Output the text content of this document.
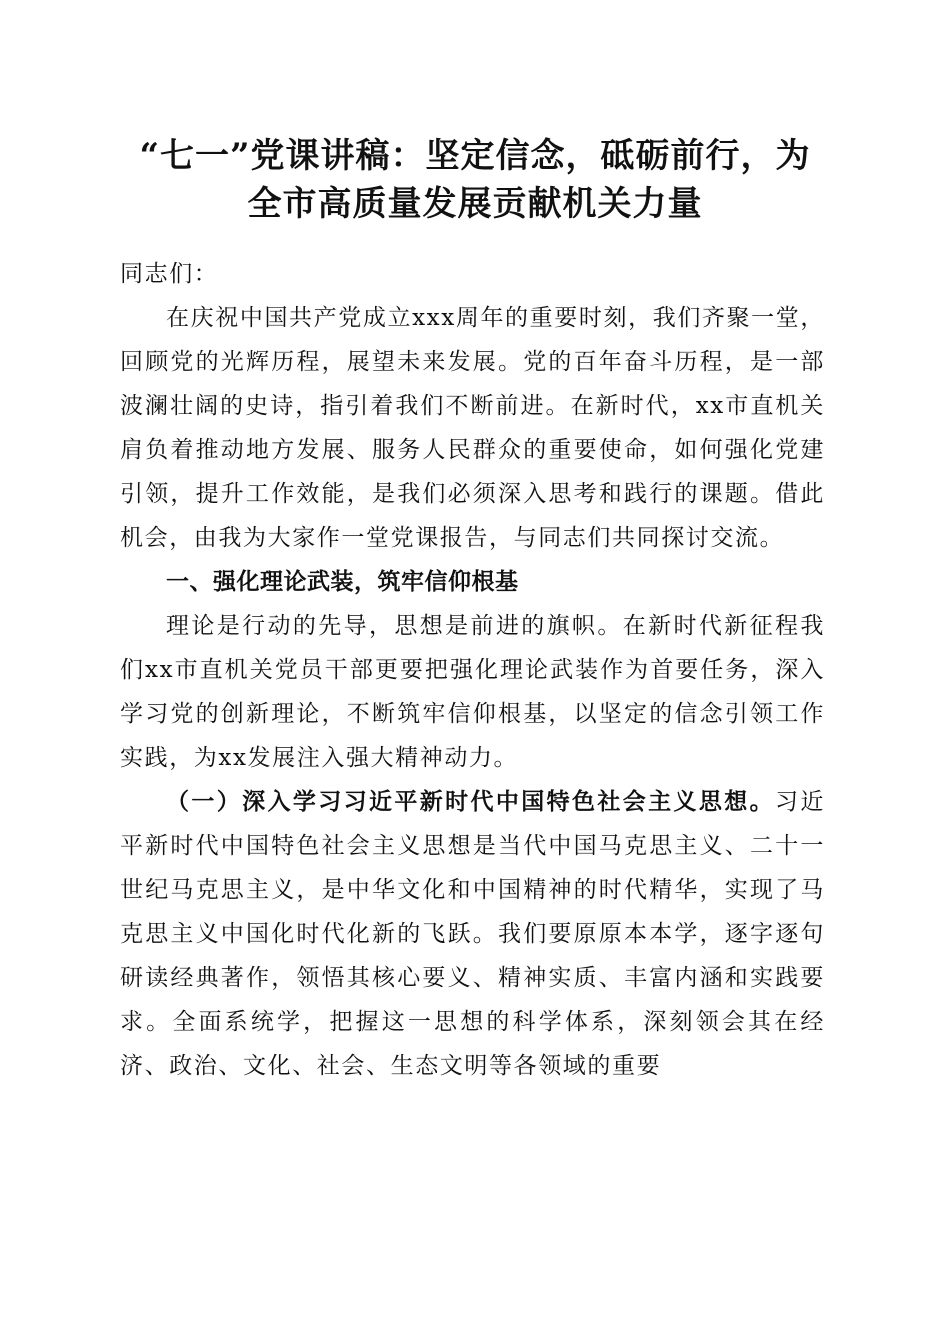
“七一”党课讲稿：坚定信念，砥砺前行，为
全市高质量发展贡献机关力量

同志们：

在庆祝中国共产党成立xxx周年的重要时刻，我们齐聚一堂，回顾党的光辉历程，展望未来发展。党的百年奋斗历程，是一部波澜壮阔的史诗，指引着我们不断前进。在新时代，xx市直机关肩负着推动地方发展、服务人民群众的重要使命，如何强化党建引领，提升工作效能，是我们必须深入思考和践行的课题。借此机会，由我为大家作一堂党课报告，与同志们共同探讨交流。

一、强化理论武装，筑牢信仰根基

理论是行动的先导，思想是前进的旗帜。在新时代新征程我们xx市直机关党员干部更要把强化理论武装作为首要任务，深入学习党的创新理论，不断筑牢信仰根基，以坚定的信念引领工作实践，为xx发展注入强大精神动力。

（一）深入学习习近平新时代中国特色社会主义思想。习近平新时代中国特色社会主义思想是当代中国马克思主义、二十一世纪马克思主义，是中华文化和中国精神的时代精华，实现了马克思主义中国化时代化新的飞跃。我们要原原本本学，逐字逐句研读经典著作，领悟其核心要义、精神实质、丰富内涵和实践要求。全面系统学，把握这一思想的科学体系，深刻领会其在经济、政治、文化、社会、生态文明等各领域的重要
